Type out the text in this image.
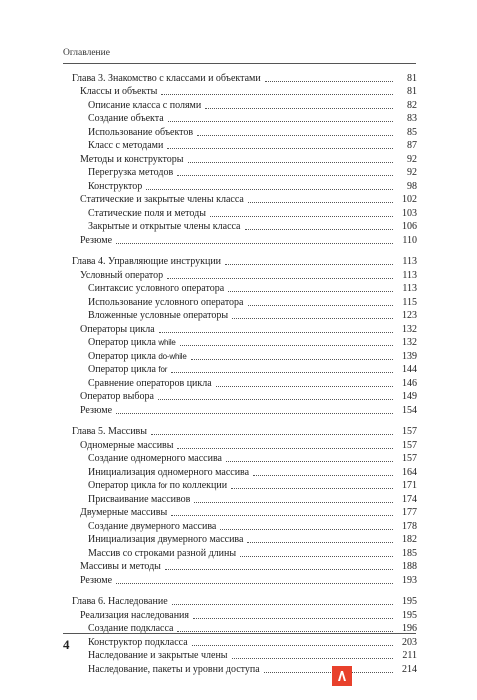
Оглавление
Глава 3. Знакомство с классами и объектами	81
Классы и объекты	81
Описание класса с полями	82
Создание объекта	83
Использование объектов	85
Класс с методами	87
Методы и конструкторы	92
Перегрузка методов	92
Конструктор	98
Статические и закрытые члены класса	102
Статические поля и методы	103
Закрытые и открытые члены класса	106
Резюме	110
Глава 4. Управляющие инструкции	113
Условный оператор	113
Синтаксис условного оператора	113
Использование условного оператора	115
Вложенные условные операторы	123
Операторы цикла	132
Оператор цикла while	132
Оператор цикла do-while	139
Оператор цикла for	144
Сравнение операторов цикла	146
Оператор выбора	149
Резюме	154
Глава 5. Массивы	157
Одномерные массивы	157
Создание одномерного массива	157
Инициализация одномерного массива	164
Оператор цикла for по коллекции	171
Присваивание массивов	174
Двумерные массивы	177
Создание двумерного массива	178
Инициализация двумерного массива	182
Массив со строками разной длины	185
Массивы и методы	188
Резюме	193
Глава 6. Наследование	195
Реализация наследования	195
Создание подкласса	196
Конструктор подкласса	203
Наследование и закрытые члены	211
Наследование, пакеты и уровни доступа	214
4
